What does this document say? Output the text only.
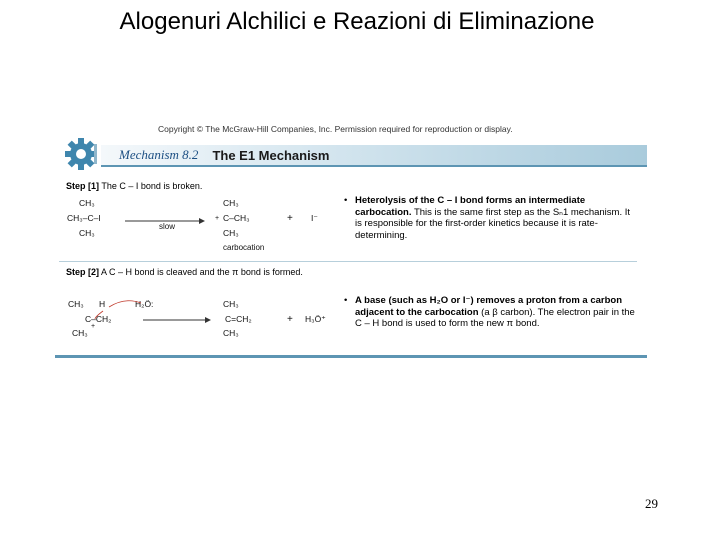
Alogenuri Alchilici e Reazioni di Eliminazione
Copyright © The McGraw-Hill Companies, Inc. Permission required for reproduction or display.
Mechanism 8.2 The E1 Mechanism
Step [1] The C – I bond is broken.
CH₃
CH₃–C–I
CH₃
slow
CH₃
C–CH₃
+
CH₃
+ I⁻
carbocation
• Heterolysis of the C – I bond forms an intermediate carbocation. This is the same first step as the Sₙ1 mechanism. It is responsible for the first-order kinetics because it is rate-determining.
Step [2] A C – H bond is cleaved and the π bond is formed.
CH₃ H	H₂Ö:
C–CH₂
+
CH₃
CH₃
C=CH₂
CH₃
+ H₃Ö⁺
• A base (such as H₂O or I⁻) removes a proton from a carbon adjacent to the carbocation (a β carbon). The electron pair in the C – H bond is used to form the new π bond.
29
